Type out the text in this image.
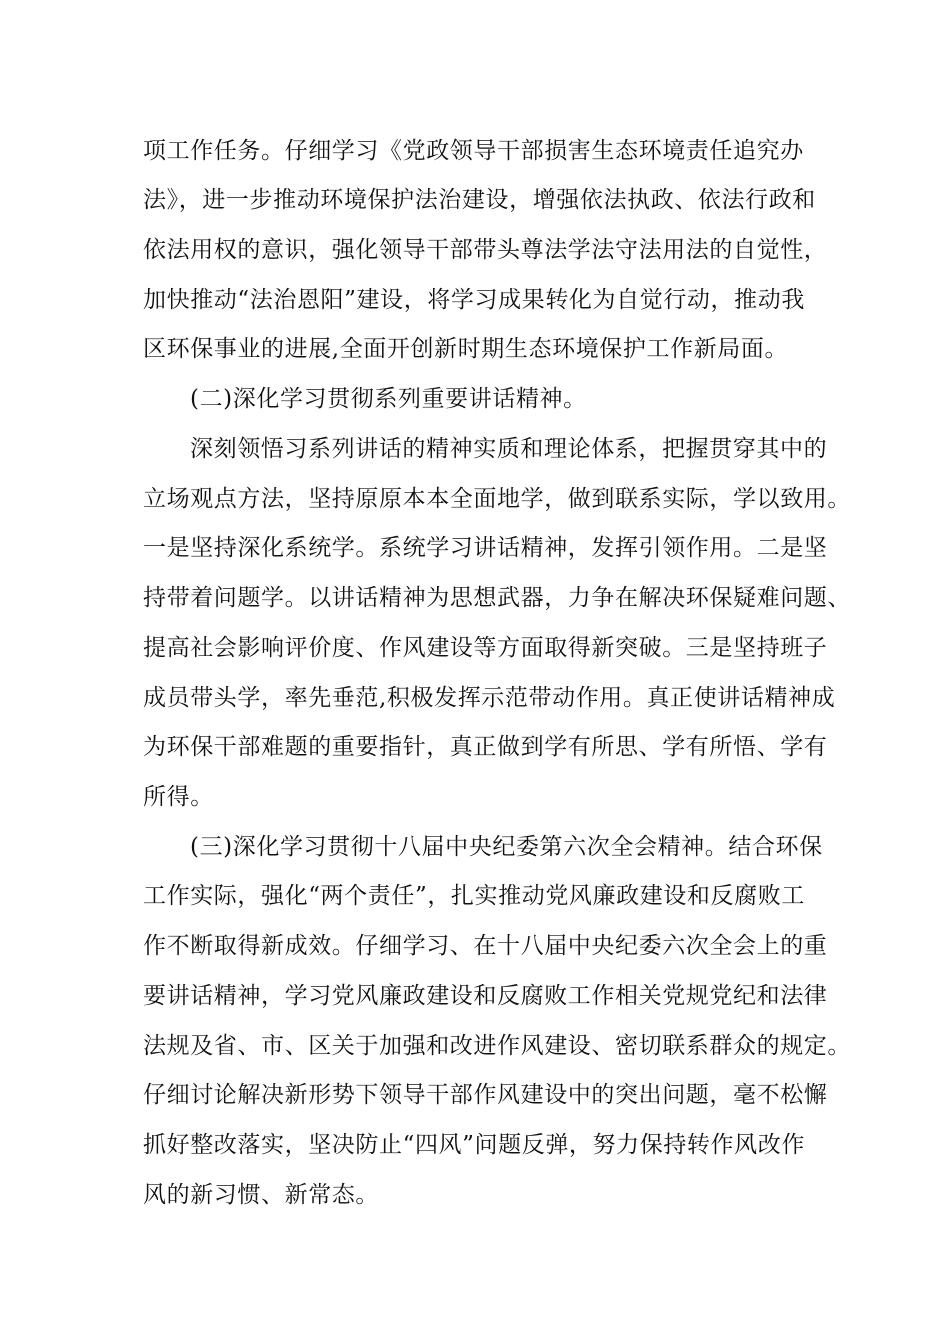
项工作任务。仔细学习《党政领导干部损害生态环境责任追究办
法》，进一步推动环境保护法治建设，增强依法执政、依法行政和
依法用权的意识，强化领导干部带头尊法学法守法用法的自觉性，
加快推动“法治恩阳”建设，将学习成果转化为自觉行动，推动我
区环保事业的进展,全面开创新时期生态环境保护工作新局面。
(二)深化学习贯彻系列重要讲话精神。
深刻领悟习系列讲话的精神实质和理论体系，把握贯穿其中的
立场观点方法，坚持原原本本全面地学，做到联系实际，学以致用。
一是坚持深化系统学。系统学习讲话精神，发挥引领作用。二是坚
持带着问题学。以讲话精神为思想武器，力争在解决环保疑难问题、
提高社会影响评价度、作风建设等方面取得新突破。三是坚持班子
成员带头学，率先垂范,积极发挥示范带动作用。真正使讲话精神成
为环保干部难题的重要指针，真正做到学有所思、学有所悟、学有
所得。
(三)深化学习贯彻十八届中央纪委第六次全会精神。结合环保
工作实际，强化“两个责任”，扎实推动党风廉政建设和反腐败工
作不断取得新成效。仔细学习、在十八届中央纪委六次全会上的重
要讲话精神，学习党风廉政建设和反腐败工作相关党规党纪和法律
法规及省、市、区关于加强和改进作风建设、密切联系群众的规定。
仔细讨论解决新形势下领导干部作风建设中的突出问题，毫不松懈
抓好整改落实，坚决防止“四风”问题反弹，努力保持转作风改作
风的新习惯、新常态。
